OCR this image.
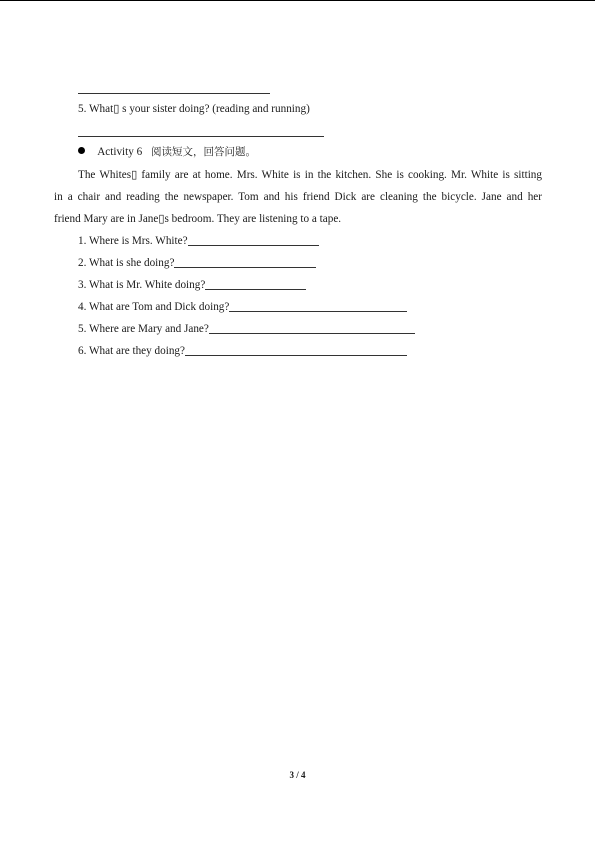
5. What▯ s your sister doing? (reading and running)
Activity 6 阅读短文，回答问题。
The Whites▯ family are at home. Mrs. White is in the kitchen. She is cooking. Mr. White is sitting
in a chair and reading the newspaper. Tom and his friend Dick are cleaning the bicycle. Jane and her
friend Mary are in Jane▯s bedroom. They are listening to a tape.
1. Where is Mrs. White?
2. What is she doing?
3. What is Mr. White doing?
4. What are Tom and Dick doing?
5. Where are Mary and Jane?
6. What are they doing?
3 / 4
